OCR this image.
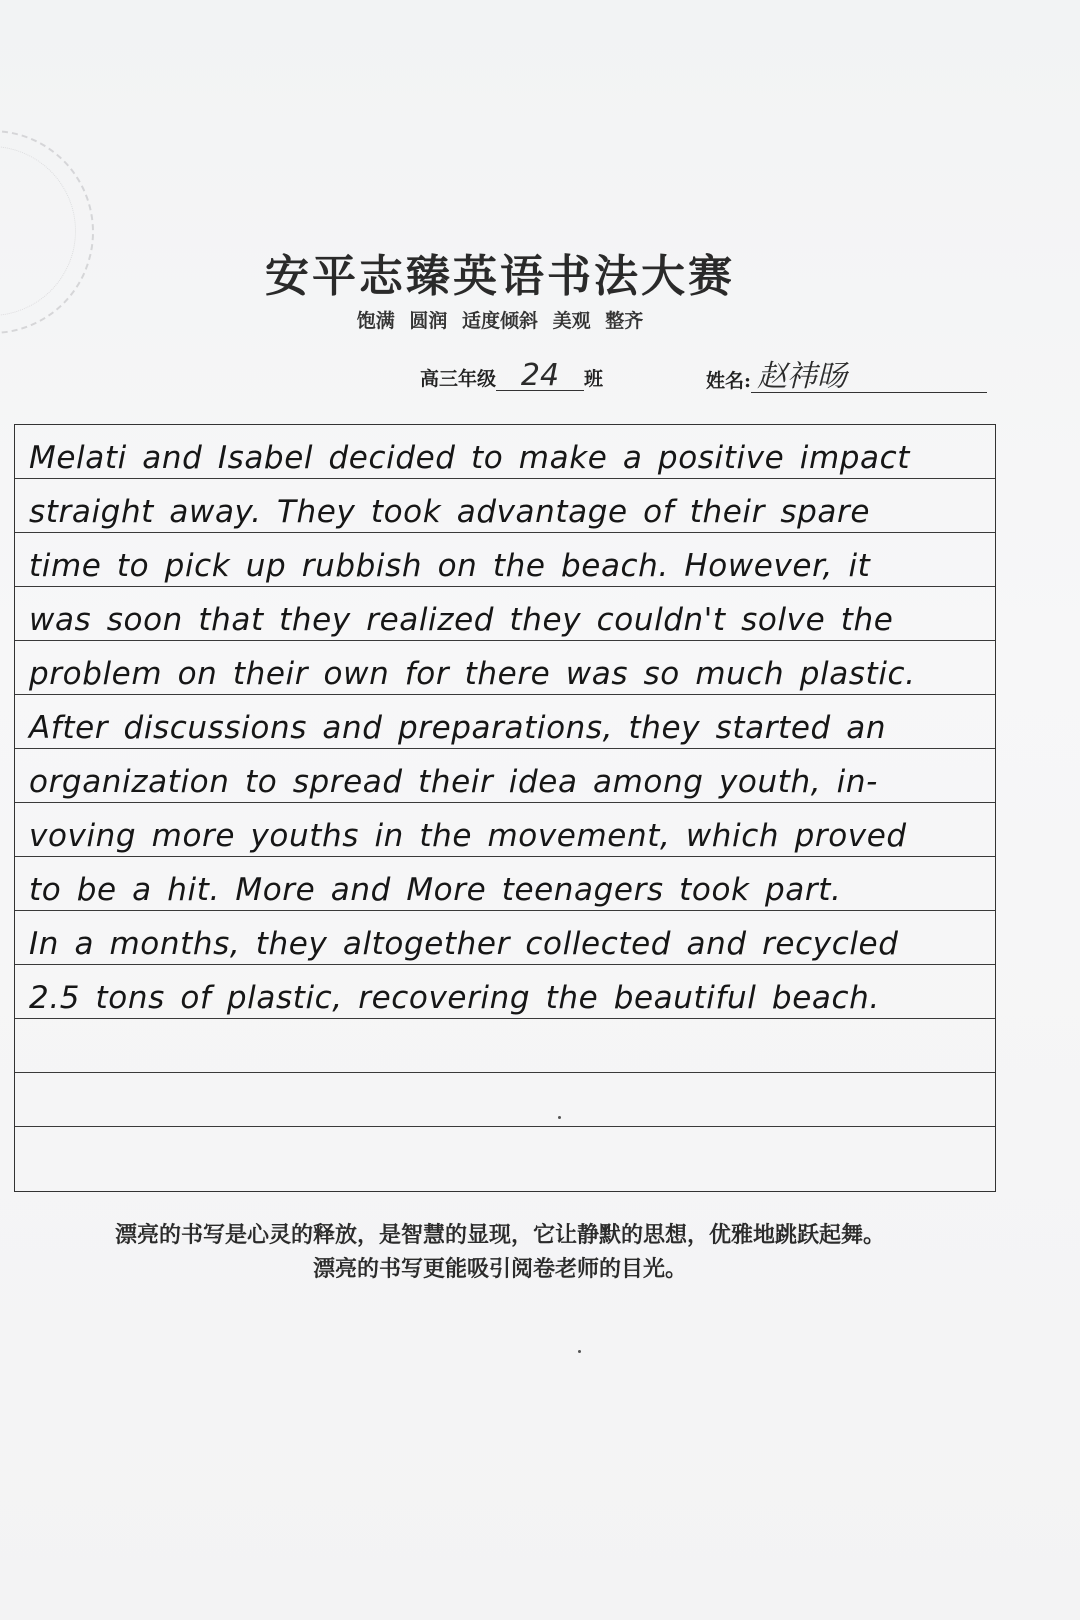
安平志臻英语书法大赛
饱满 圆润 适度倾斜 美观 整齐
高三年级 24 班	姓名: 赵祎旸
Melati and Isabel decided to make a positive impact
straight away. They took advantage of their spare
time to pick up rubbish on the beach. However, it
was soon that they realized they couldn't solve the
problem on their own for there was so much plastic.
After discussions and preparations, they started an
organization to spread their idea among youth, in-
voving more youths in the movement, which proved
to be a hit. More and More teenagers took part.
In a months, they altogether collected and recycled
2.5 tons of plastic, recovering the beautiful beach.
漂亮的书写是心灵的释放，是智慧的显现，它让静默的思想，优雅地跳跃起舞。
漂亮的书写更能吸引阅卷老师的目光。
